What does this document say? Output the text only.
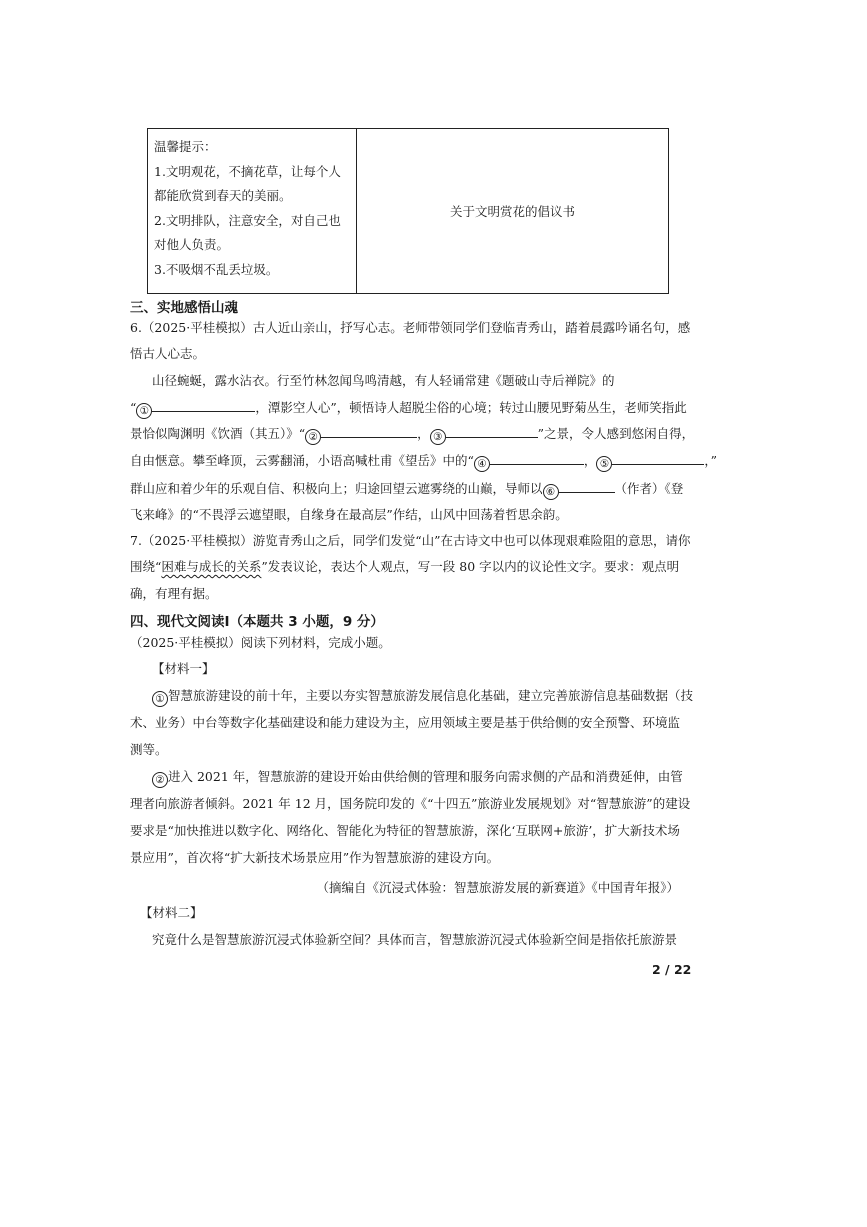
温馨提示：
1.文明观花，不摘花草，让每个人
都能欣赏到春天的美丽。
2.文明排队，注意安全，对自己也
对他人负责。
3.不吸烟不乱丢垃圾。
	关于文明赏花的倡议书
三、实地感悟山魂
6.（2025·平桂模拟）古人近山亲山，抒写心志。老师带领同学们登临青秀山，踏着晨露吟诵名句，感
悟古人心志。
山径蜿蜒，露水沾衣。行至竹林忽闻鸟鸣清越，有人轻诵常建《题破山寺后禅院》的
“ ①	，潭影空人心”，顿悟诗人超脱尘俗的心境；转过山腰见野菊丛生，老师笑指此
景恰似陶渊明《饮酒（其五）》“ ②	， ③	”之景，令人感到悠闲自得，
自由惬意。攀至峰顶，云雾翻涌，小语高喊杜甫《望岳》中的“ ④	， ⑤	，”
群山应和着少年的乐观自信、积极向上；归途回望云遮雾绕的山巅，导师以 ⑥	（作者）《登
飞来峰》的“不畏浮云遮望眼，自缘身在最高层”作结，山风中回荡着哲思余韵。
7.（2025·平桂模拟）游览青秀山之后，同学们发觉“山”在古诗文中也可以体现艰难险阻的意思，请你
围绕“困难与成长的关系”发表议论，表达个人观点，写一段 80 字以内的议论性文字。要求：观点明
确，有理有据。
四、现代文阅读Ⅰ（本题共 3 小题，9 分）
（2025·平桂模拟）阅读下列材料，完成小题。
【材料一】
① 智慧旅游建设的前十年，主要以夯实智慧旅游发展信息化基础，建立完善旅游信息基础数据（技
术、业务）中台等数字化基础建设和能力建设为主，应用领域主要是基于供给侧的安全预警、环境监
测等。
② 进入 2021 年，智慧旅游的建设开始由供给侧的管理和服务向需求侧的产品和消费延伸，由管
理者向旅游者倾斜。2021 年 12 月，国务院印发的《“十四五”旅游业发展规划》对“智慧旅游”的建设
要求是“加快推进以数字化、网络化、智能化为特征的智慧旅游，深化‘互联网+旅游’，扩大新技术场
景应用”，首次将“扩大新技术场景应用”作为智慧旅游的建设方向。
（摘编自《沉浸式体验：智慧旅游发展的新赛道》《中国青年报》）
【材料二】
究竟什么是智慧旅游沉浸式体验新空间？具体而言，智慧旅游沉浸式体验新空间是指依托旅游景
2 / 22
